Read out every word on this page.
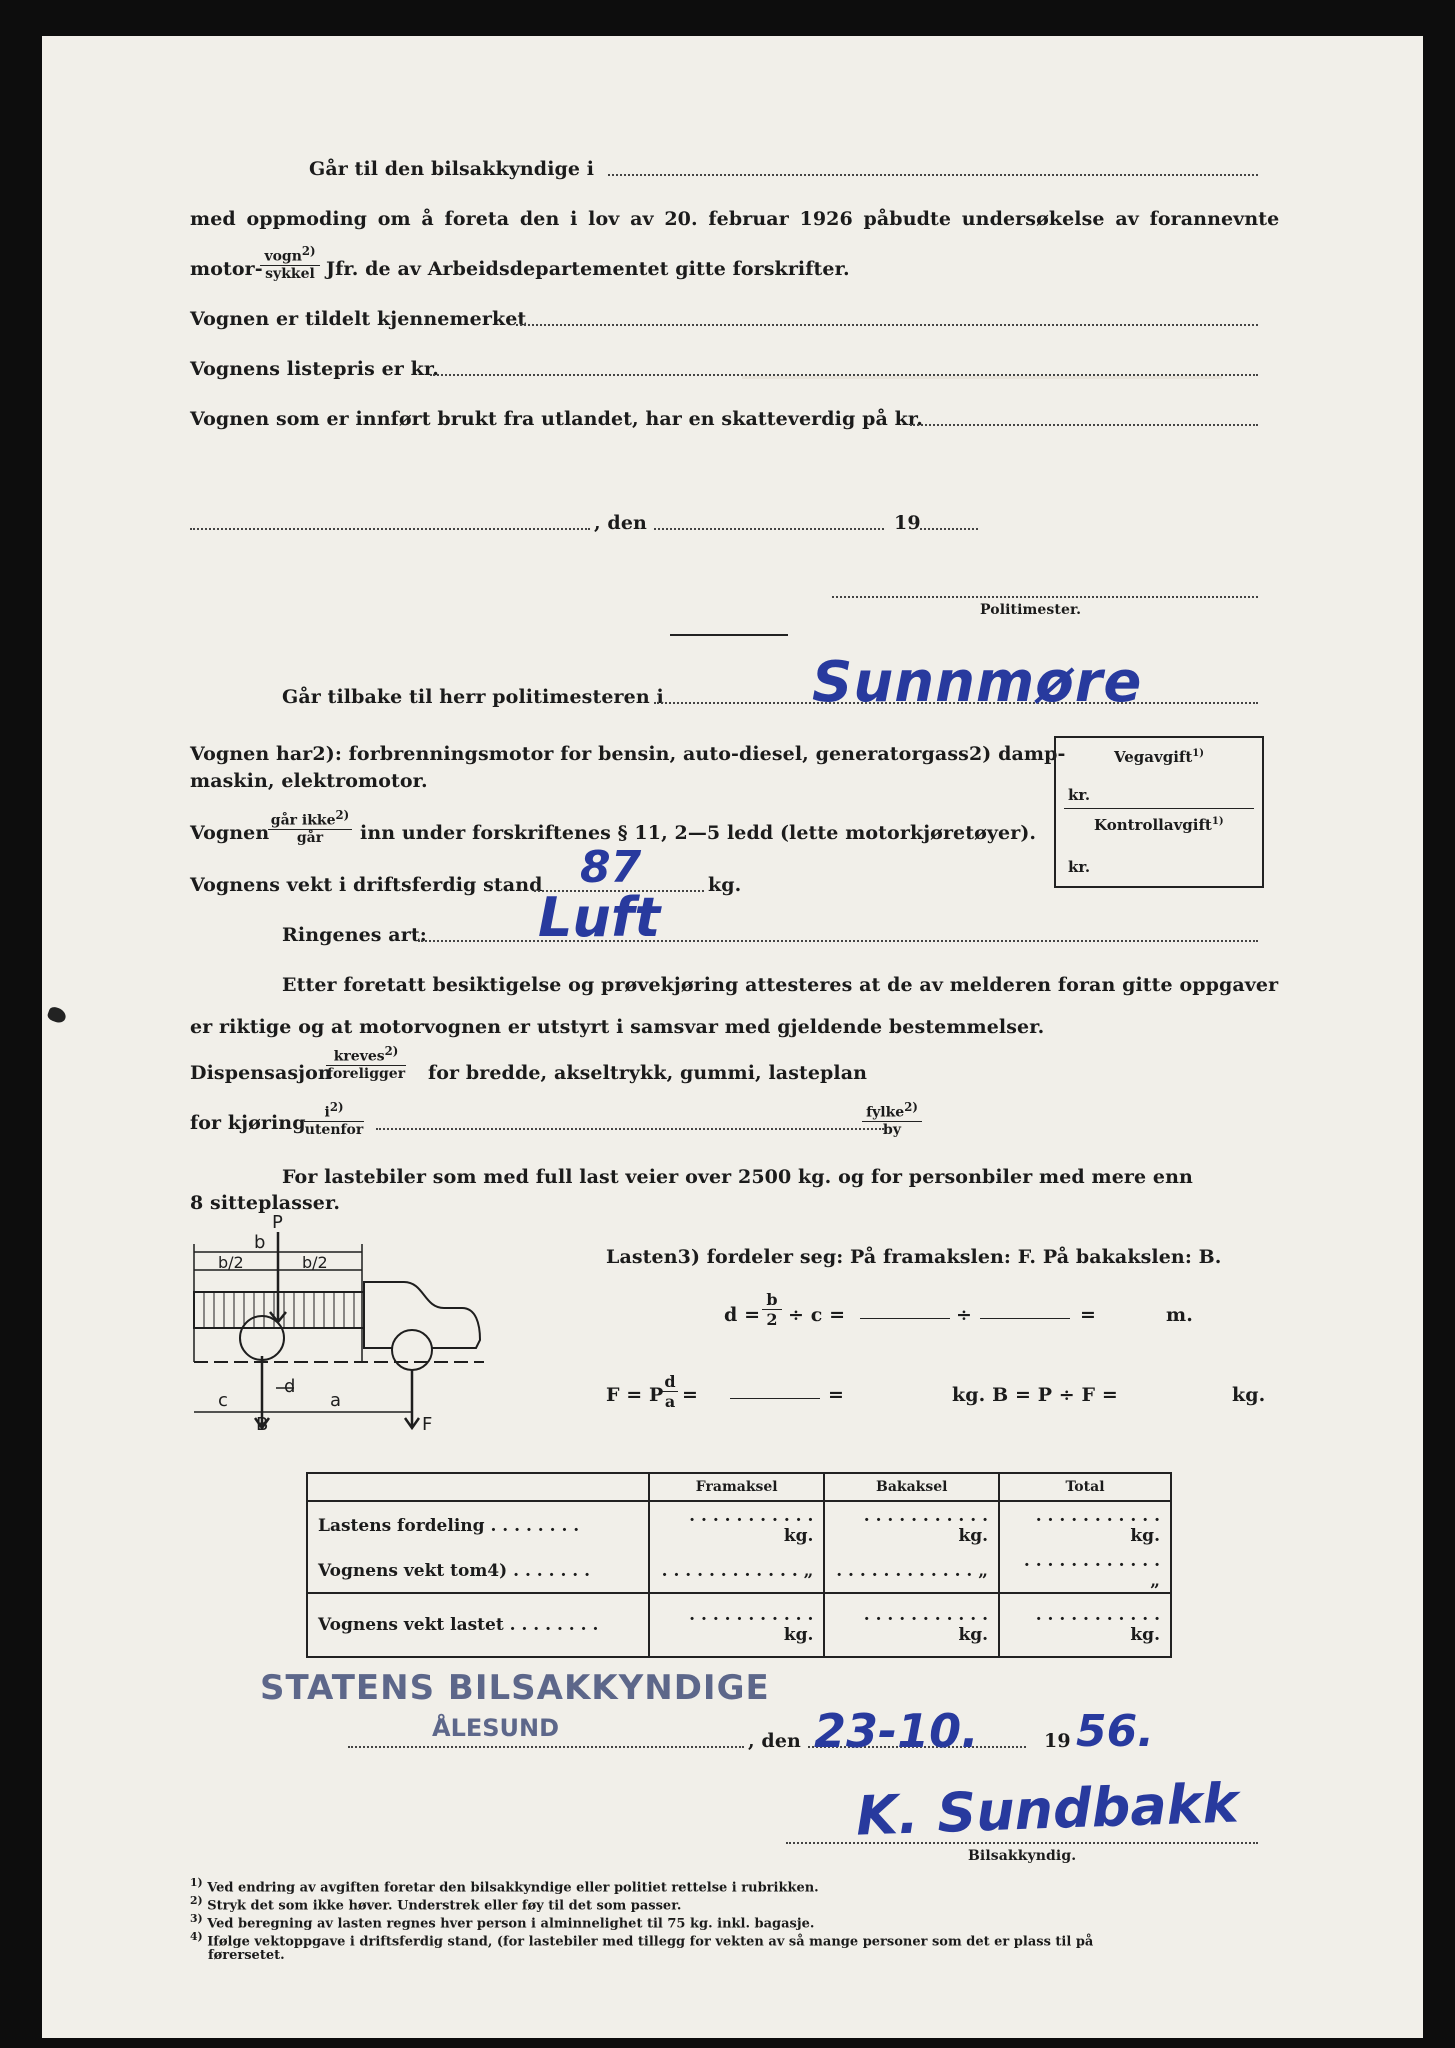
Går til den bilsakkyndige i
med oppmoding om å foreta den i lov av 20. februar 1926 påbudte undersøkelse av forannevnte
motor-
vogn$^{2)}$
sykkel Jfr. de av Arbeidsdepartementet gitte forskrifter.
Vognen er tildelt kjennemerket
Vognens listepris er kr.
Vognen som er innført brukt fra utlandet, har en skatteverdig på kr.
, den	19
Politimester.
Går tilbake til herr politimesteren i	Sunnmøre
Vognen har2): forbrenningsmotor for bensin, auto-diesel, generatorgass2) damp-
maskin, elektromotor.
Vognen
går ikke$^{2)}$
går	inn under forskriftenes § 11, 2—5 ledd (lette motorkjøretøyer).
Vognens vekt i driftsferdig stand 87	kg.
Ringenes art: Luft
Vegavgift$^{1)}$
kr.
Kontrollavgift$^{1)}$
kr.
Etter foretatt besiktigelse og prøvekjøring attesteres at de av melderen foran gitte oppgaver
er riktige og at motorvognen er utstyrt i samsvar med gjeldende bestemmelser.
Dispensasjon
kreves$^{2)}$
foreligger for bredde, akseltrykk, gummi, lasteplan
for kjøring	$i^{2)}$
utenfor
fylke$^{2)}$
by
For lastebiler som med full last veier over 2500 kg. og for personbiler med mere enn
8 sitteplasser.
P
b
b/2	b/2
c
d
a
B	F
Lasten3) fordeler seg: På framakslen: F. På bakakslen: B.
$d = \frac{b}{2} \div c$ =	÷	=	m.
F = P
$\frac{d}{a}$ =	=	kg. B = P ÷ F =	kg.
	Framaksel	Bakaksel	Total
Lastens fordeling . . . . . . . .	. . . . . . . . . . . kg.	. . . . . . . . . . . kg.	. . . . . . . . . . . kg.
Vognens vekt tom4) . . . . . . .	. . . . . . . . . . . . „	. . . . . . . . . . . . „	. . . . . . . . . . . . „
Vognens vekt lastet . . . . . . . .	. . . . . . . . . . . kg.	. . . . . . . . . . . kg.	. . . . . . . . . . . kg.
STATENS BILSAKKYNDIGE
ÅLESUND	, den 23-10.	19 56.
K. Sundbakk
Bilsakkyndig.
$^{1)}$ Ved endring av avgiften foretar den bilsakkyndige eller politiet rettelse i rubrikken.
$^{2)}$ Stryk det som ikke høver. Understrek eller føy til det som passer.
$^{3)}$ Ved beregning av lasten regnes hver person i alminnelighet til 75 kg. inkl. bagasje.
$^{4)}$ Ifølge vektoppgave i driftsferdig stand, (for lastebiler med tillegg for vekten av så mange personer som det er plass til på
førersetet.
